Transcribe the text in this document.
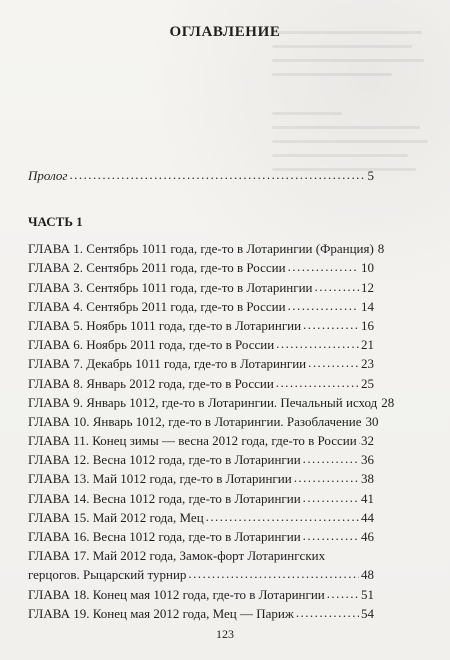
ОГЛАВЛЕНИЕ
Пролог . . .	5
ЧАСТЬ 1
ГЛАВА 1. Сентябрь 1011 года, где-то в Лотарингии (Франция) 8
ГЛАВА 2. Сентябрь 2011 года, где-то в России . . .	10
ГЛАВА 3. Сентябрь 1011 года, где-то в Лотарингии . . .	12
ГЛАВА 4. Сентябрь 2011 года, где-то в России . . .	14
ГЛАВА 5. Ноябрь 1011 года, где-то в Лотарингии . . .	16
ГЛАВА 6. Ноябрь 2011 года, где-то в России . . .	21
ГЛАВА 7. Декабрь 1011 года, где-то в Лотарингии . . .	23
ГЛАВА 8. Январь 2012 года, где-то в России . . .	25
ГЛАВА 9. Январь 1012, где-то в Лотарингии. Печальный исход 28
ГЛАВА 10. Январь 1012, где-то в Лотарингии. Разоблачение 30
ГЛАВА 11. Конец зимы — весна 2012 года, где-то в России . . . 32
ГЛАВА 12. Весна 1012 года, где-то в Лотарингии . . .	36
ГЛАВА 13. Май 1012 года, где-то в Лотарингии . . .	38
ГЛАВА 14. Весна 1012 года, где-то в Лотарингии . . .	41
ГЛАВА 15. Май 2012 года, Мец . . .	44
ГЛАВА 16. Весна 1012 года, где-то в Лотарингии . . .	46
ГЛАВА 17. Май 2012 года, Замок-форт Лотарингских
герцогов. Рыцарский турнир . . .	48
ГЛАВА 18. Конец мая 1012 года, где-то в Лотарингии . . .	51
ГЛАВА 19. Конец мая 2012 года, Мец — Париж . . .	54
123
